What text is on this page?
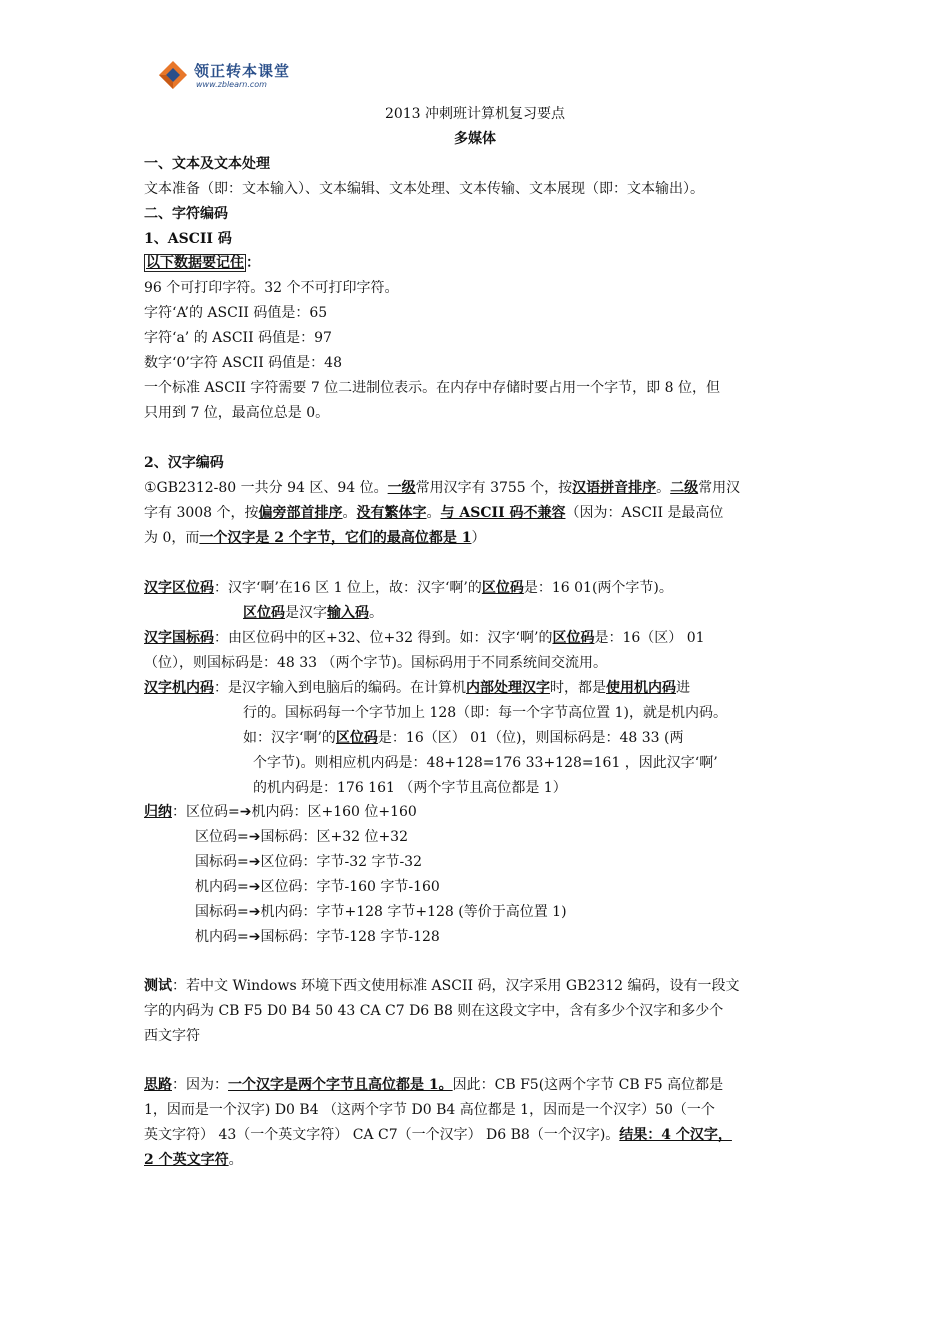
领正转本课堂
www.zblearn.com
2013 冲刺班计算机复习要点
多媒体
一、文本及文本处理
文本准备（即：文本输入）、文本编辑、文本处理、文本传输、文本展现（即：文本输出）。
二、字符编码
1、ASCII 码
以下数据要记住 ：
96 个可打印字符。32 个不可打印字符。
字符‘A’的 ASCII 码值是：65
字符‘a’ 的 ASCII 码值是：97
数字‘0’字符 ASCII 码值是：48
一个标准 ASCII 字符需要 7 位二进制位表示。在内存中存储时要占用一个字节，即 8 位，但
只用到 7 位，最高位总是 0。
2、汉字编码
①GB2312-80 一共分 94 区、94 位。一级常用汉字有 3755 个，按汉语拼音排序。二级常用汉
字有 3008 个，按偏旁部首排序。没有繁体字。与 ASCII 码不兼容（因为：ASCII 是最高位
为 0，而一个汉字是 2 个字节，它们的最高位都是 1）
汉字区位码：汉字‘啊’在16 区 1 位上，故：汉字‘啊’的区位码是：16 01(两个字节)。
区位码是汉字输入码。
汉字国标码：由区位码中的区+32、位+32 得到。如：汉字‘啊’的区位码是：16（区） 01
（位），则国标码是：48 33 （两个字节)。国标码用于不同系统间交流用。
汉字机内码：是汉字输入到电脑后的编码。在计算机内部处理汉字时，都是使用机内码进
行的。国标码每一个字节加上 128（即：每一个字节高位置 1)，就是机内码。
如：汉字‘啊’的区位码是：16（区） 01（位)，则国标码是：48 33 (两
个字节)。则相应机内码是：48+128=176 33+128=161 ，因此汉字‘啊’
的机内码是：176 161 （两个字节且高位都是 1）
归纳：区位码=➔机内码：区+160 位+160
区位码=➔国标码：区+32 位+32
国标码=➔区位码：字节-32 字节-32
机内码=➔区位码：字节-160 字节-160
国标码=➔机内码：字节+128 字节+128 (等价于高位置 1)
机内码=➔国标码：字节-128 字节-128
测试：若中文 Windows 环境下西文使用标准 ASCII 码，汉字采用 GB2312 编码，设有一段文
字的内码为 CB F5 D0 B4 50 43 CA C7 D6 B8 则在这段文字中，含有多少个汉字和多少个
西文字符
思路：因为：一个汉字是两个字节且高位都是 1。因此：CB F5(这两个字节 CB F5 高位都是
1，因而是一个汉字) D0 B4 （这两个字节 D0 B4 高位都是 1，因而是一个汉字）50（一个
英文字符） 43（一个英文字符） CA C7（一个汉字） D6 B8（一个汉字)。结果：4 个汉字，
2 个英文字符。
